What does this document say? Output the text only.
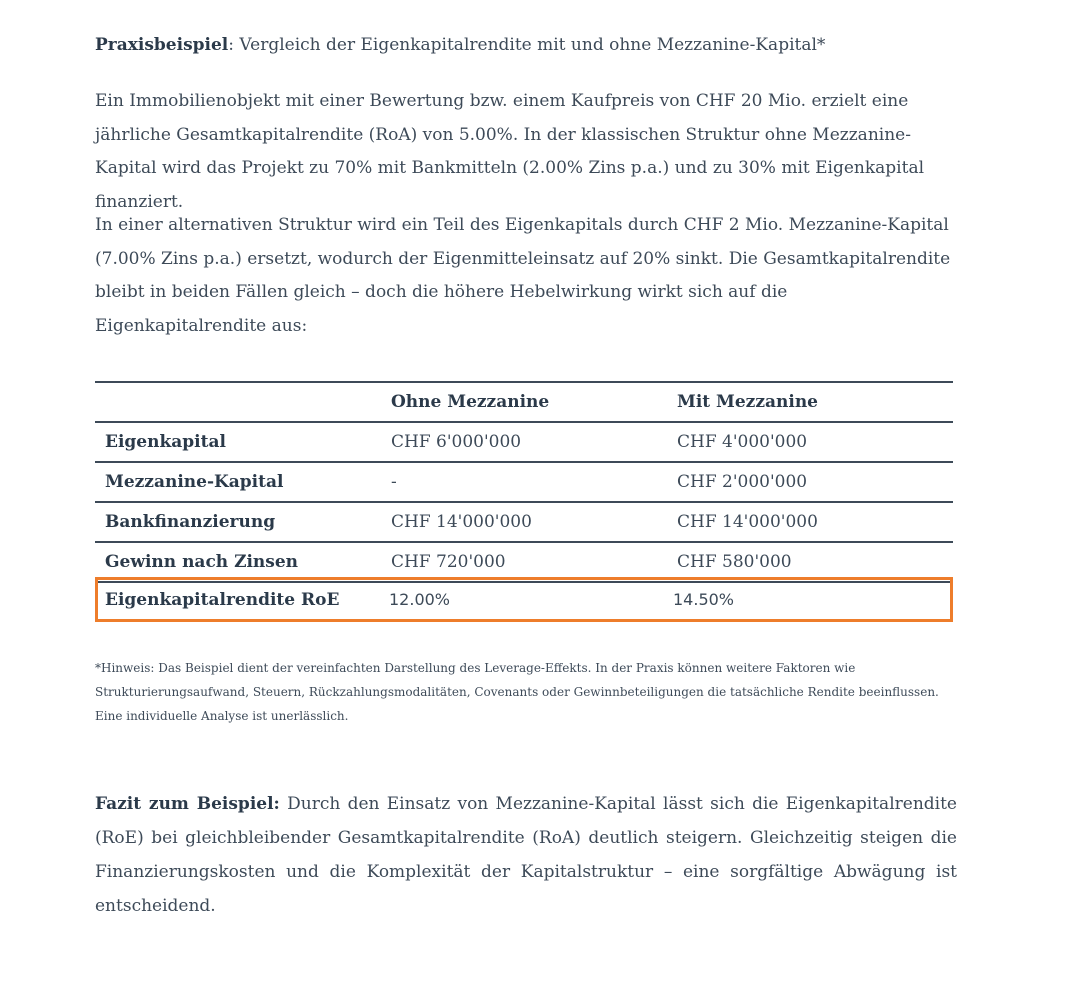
Praxisbeispiel: Vergleich der Eigenkapitalrendite mit und ohne Mezzanine-Kapital*

Ein Immobilienobjekt mit einer Bewertung bzw. einem Kaufpreis von CHF 20 Mio. erzielt eine jährliche Gesamtkapitalrendite (RoA) von 5.00%. In der klassischen Struktur ohne Mezzanine-Kapital wird das Projekt zu 70% mit Bankmitteln (2.00% Zins p.a.) und zu 30% mit Eigenkapital finanziert.

In einer alternativen Struktur wird ein Teil des Eigenkapitals durch CHF 2 Mio. Mezzanine-Kapital (7.00% Zins p.a.) ersetzt, wodurch der Eigenmitteleinsatz auf 20% sinkt. Die Gesamtkapitalrendite bleibt in beiden Fällen gleich – doch die höhere Hebelwirkung wirkt sich auf die Eigenkapitalrendite aus:

	Ohne Mezzanine	Mit Mezzanine
Eigenkapital	CHF 6'000'000	CHF 4'000'000
Mezzanine-Kapital	-	CHF 2'000'000
Bankfinanzierung	CHF 14'000'000	CHF 14'000'000
Gewinn nach Zinsen	CHF 720'000	CHF 580'000
Eigenkapitalrendite RoE	12.00%	14.50%

*Hinweis: Das Beispiel dient der vereinfachten Darstellung des Leverage-Effekts. In der Praxis können weitere Faktoren wie Strukturierungsaufwand, Steuern, Rückzahlungsmodalitäten, Covenants oder Gewinnbeteiligungen die tatsächliche Rendite beeinflussen. Eine individuelle Analyse ist unerlässlich.

Fazit zum Beispiel: Durch den Einsatz von Mezzanine-Kapital lässt sich die Eigenkapitalrendite (RoE) bei gleichbleibender Gesamtkapitalrendite (RoA) deutlich steigern. Gleichzeitig steigen die Finanzierungskosten und die Komplexität der Kapitalstruktur – eine sorgfältige Abwägung ist entscheidend.
